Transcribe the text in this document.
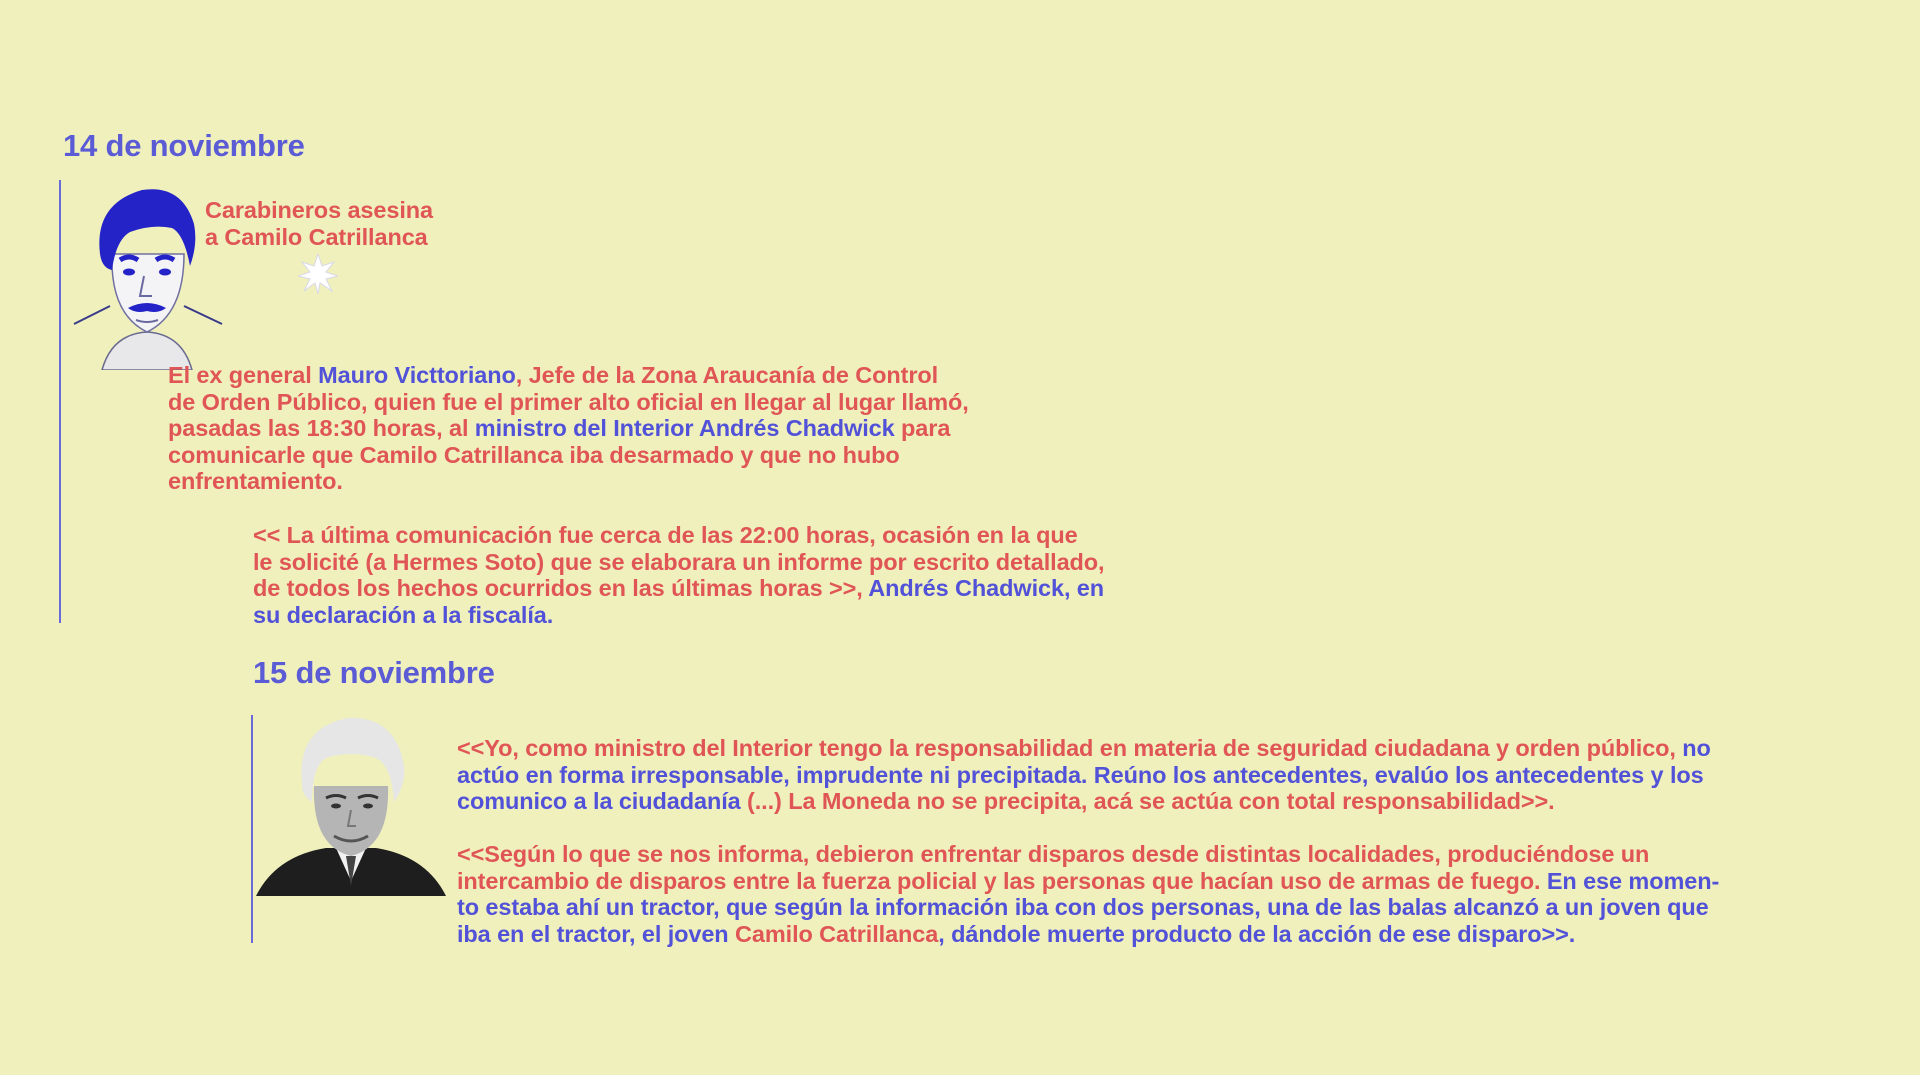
14 de noviembre
Carabineros asesina
a Camilo Catrillanca
El ex general Mauro Victtoriano, Jefe de la Zona Araucanía de Control
de Orden Público, quien fue el primer alto oficial en llegar al lugar llamó,
pasadas las 18:30 horas, al ministro del Interior Andrés Chadwick para
comunicarle que Camilo Catrillanca iba desarmado y que no hubo
enfrentamiento.
<< La última comunicación fue cerca de las 22:00 horas, ocasión en la que
le solicité (a Hermes Soto) que se elaborara un informe por escrito detallado,
de todos los hechos ocurridos en las últimas horas >>, Andrés Chadwick, en
su declaración a la fiscalía.
15 de noviembre
<<Yo, como ministro del Interior tengo la responsabilidad en materia de seguridad ciudadana y orden público, no
actúo en forma irresponsable, imprudente ni precipitada. Reúno los antecedentes, evalúo los antecedentes y los
comunico a la ciudadanía (...) La Moneda no se precipita, acá se actúa con total responsabilidad>>.
<<Según lo que se nos informa, debieron enfrentar disparos desde distintas localidades, produciéndose un
intercambio de disparos entre la fuerza policial y las personas que hacían uso de armas de fuego. En ese momen-
to estaba ahí un tractor, que según la información iba con dos personas, una de las balas alcanzó a un joven que
iba en el tractor, el joven Camilo Catrillanca, dándole muerte producto de la acción de ese disparo>>.
